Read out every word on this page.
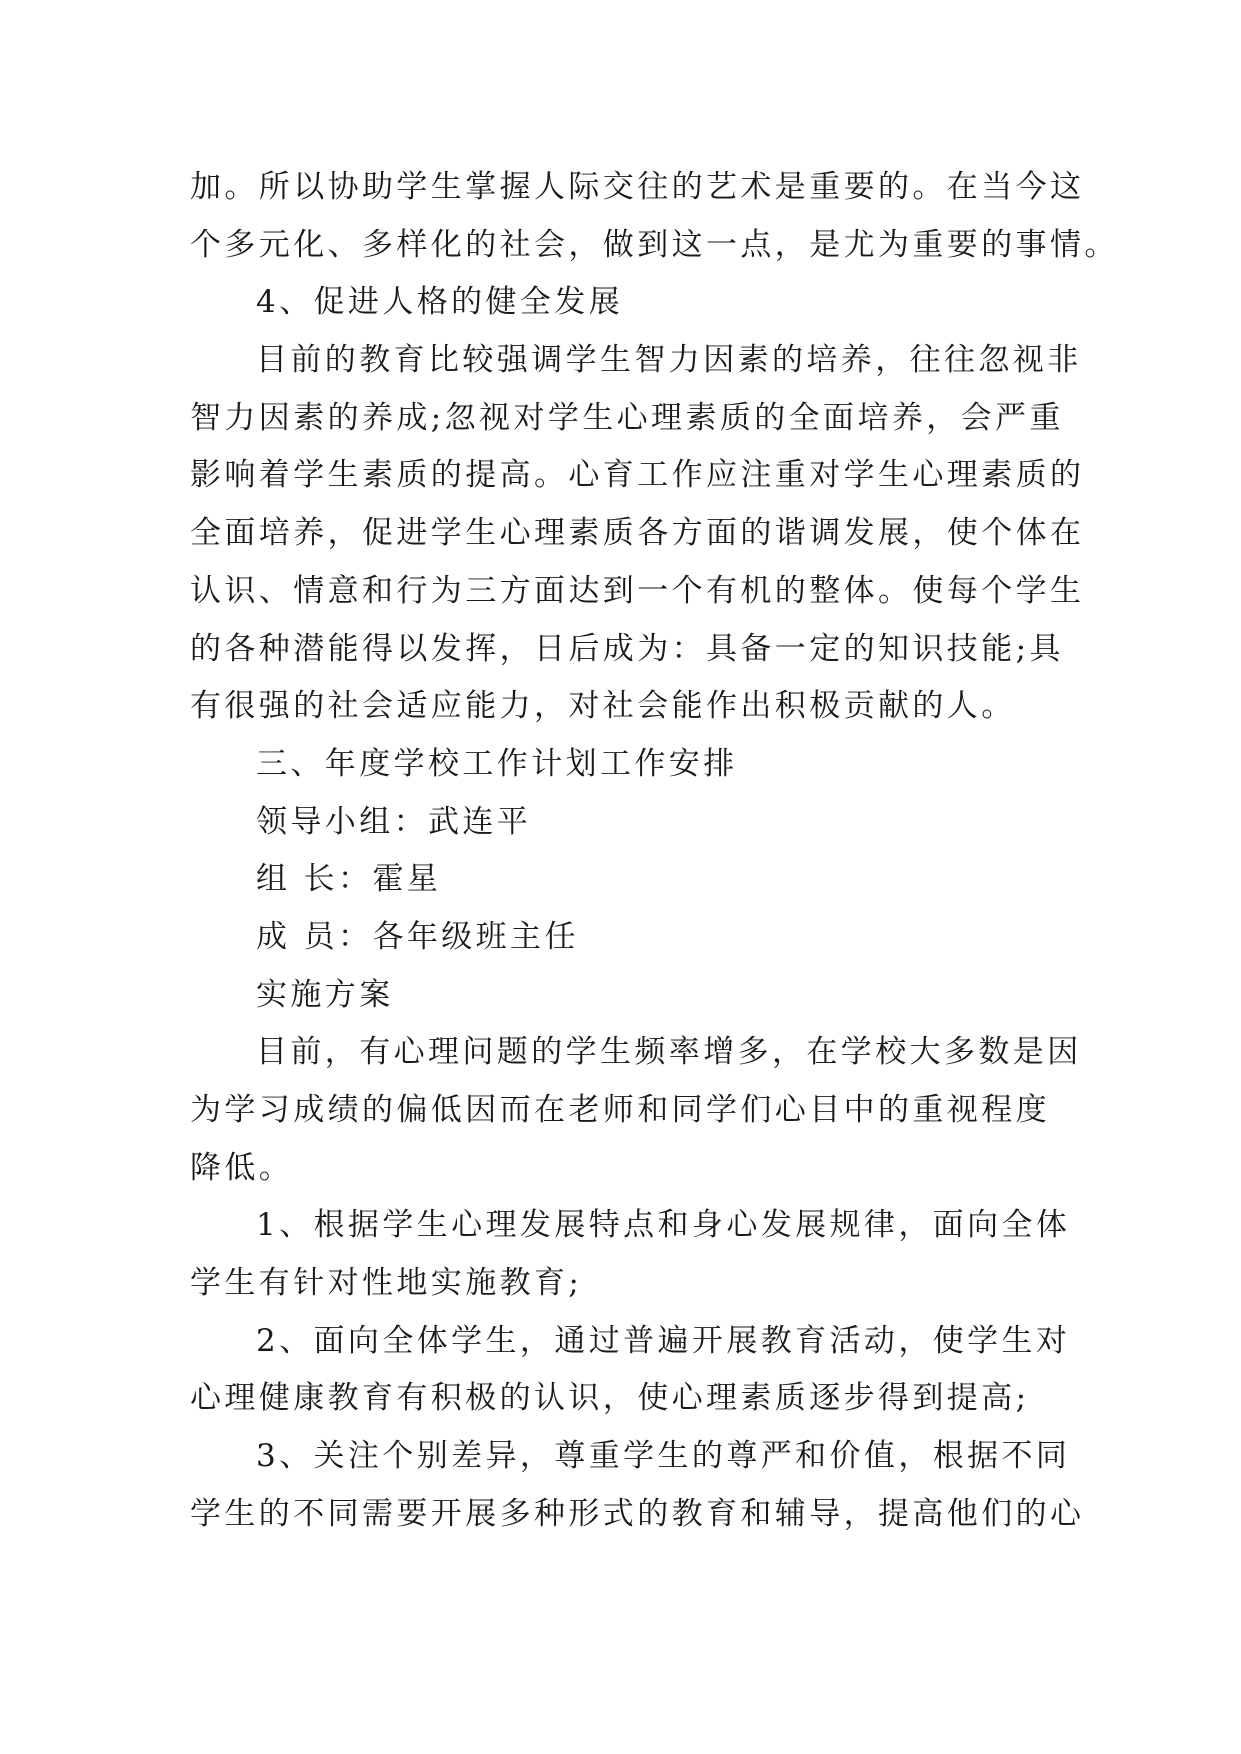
加。所以协助学生掌握人际交往的艺术是重要的。在当今这
个多元化、多样化的社会，做到这一点，是尤为重要的事情。
4、促进人格的健全发展
目前的教育比较强调学生智力因素的培养，往往忽视非
智力因素的养成;忽视对学生心理素质的全面培养，会严重
影响着学生素质的提高。心育工作应注重对学生心理素质的
全面培养，促进学生心理素质各方面的谐调发展，使个体在
认识、情意和行为三方面达到一个有机的整体。使每个学生
的各种潜能得以发挥，日后成为：具备一定的知识技能;具
有很强的社会适应能力，对社会能作出积极贡献的人。
三、年度学校工作计划工作安排
领导小组：武连平
组 长：霍星
成 员：各年级班主任
实施方案
目前，有心理问题的学生频率增多，在学校大多数是因
为学习成绩的偏低因而在老师和同学们心目中的重视程度
降低。
1、根据学生心理发展特点和身心发展规律，面向全体
学生有针对性地实施教育;
2、面向全体学生，通过普遍开展教育活动，使学生对
心理健康教育有积极的认识，使心理素质逐步得到提高;
3、关注个别差异，尊重学生的尊严和价值，根据不同
学生的不同需要开展多种形式的教育和辅导，提高他们的心
